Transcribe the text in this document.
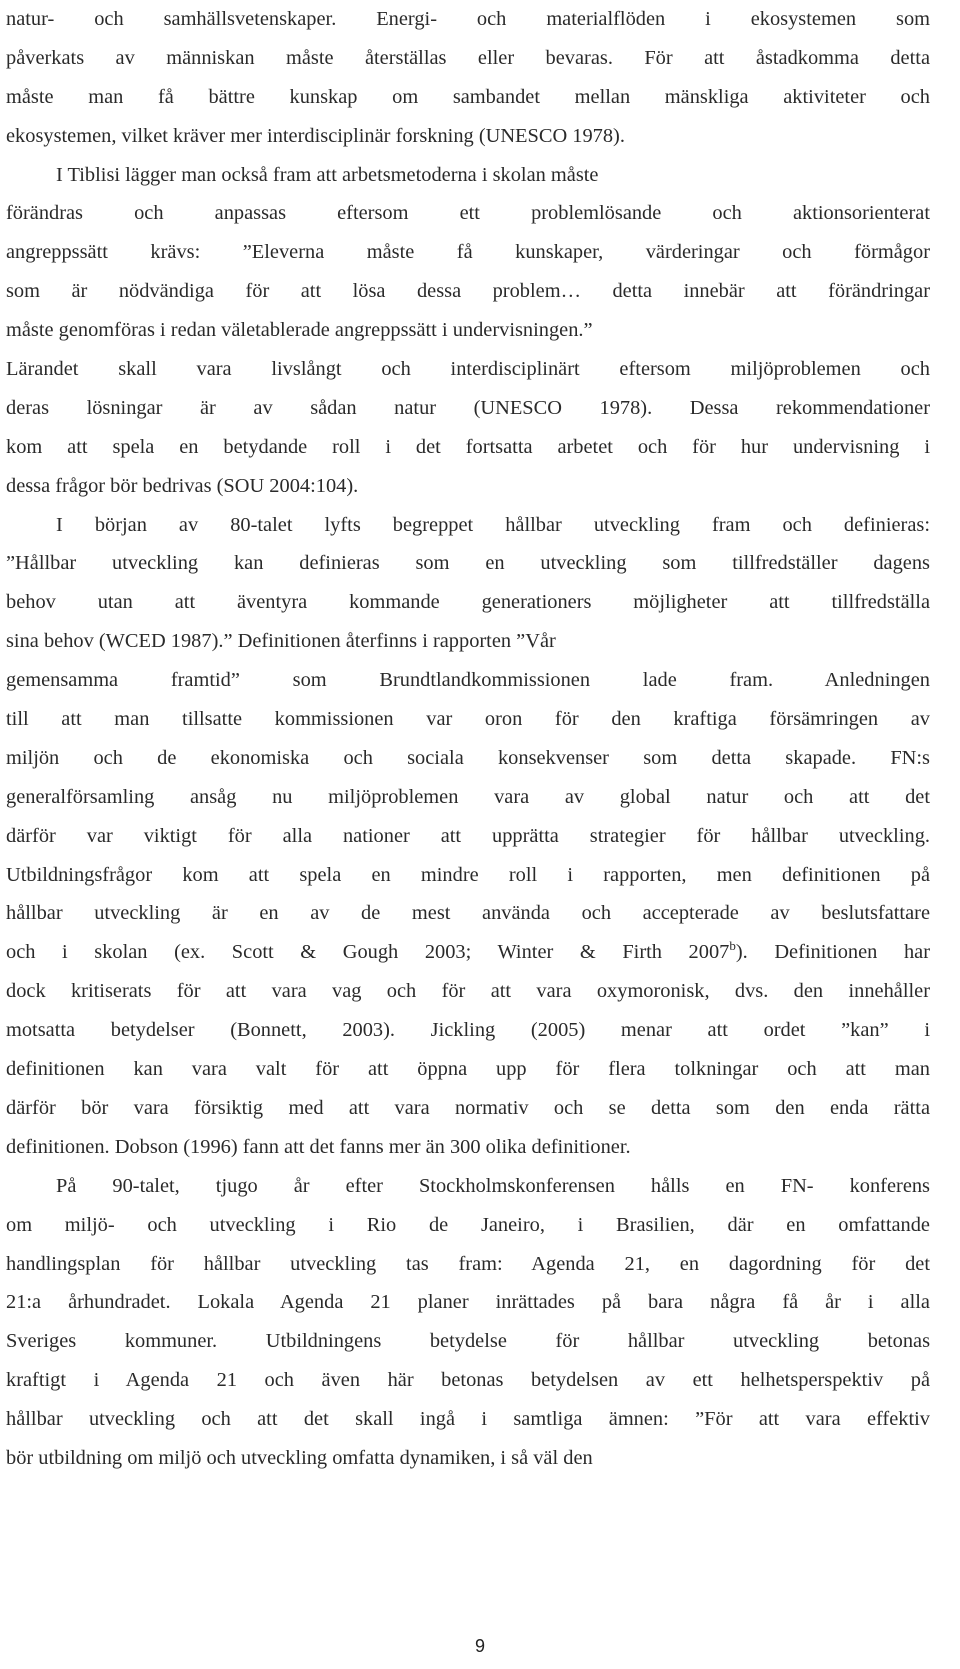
natur- och samhällsvetenskaper. Energi- och materialflöden i ekosystemen som
påverkats av människan måste återställas eller bevaras. För att åstadkomma detta
måste man få bättre kunskap om sambandet mellan mänskliga aktiviteter och
ekosystemen, vilket kräver mer interdisciplinär forskning (UNESCO 1978).
I Tiblisi lägger man också fram att arbetsmetoderna i skolan måste
förändras och anpassas eftersom ett problemlösande och aktionsorienterat
angreppssätt krävs: ”Eleverna måste få kunskaper, värderingar och förmågor
som är nödvändiga för att lösa dessa problem… detta innebär att förändringar
måste genomföras i redan väletablerade angreppssätt i undervisningen.”
Lärandet skall vara livslångt och interdisciplinärt eftersom miljöproblemen och
deras lösningar är av sådan natur (UNESCO 1978). Dessa rekommendationer
kom att spela en betydande roll i det fortsatta arbetet och för hur undervisning i
dessa frågor bör bedrivas (SOU 2004:104).
I början av 80-talet lyfts begreppet hållbar utveckling fram och definieras:
”Hållbar utveckling kan definieras som en utveckling som tillfredställer dagens
behov utan att äventyra kommande generationers möjligheter att tillfredställa
sina behov (WCED 1987).” Definitionen återfinns i rapporten ”Vår
gemensamma framtid” som Brundtlandkommissionen lade fram. Anledningen
till att man tillsatte kommissionen var oron för den kraftiga försämringen av
miljön och de ekonomiska och sociala konsekvenser som detta skapade. FN:s
generalförsamling ansåg nu miljöproblemen vara av global natur och att det
därför var viktigt för alla nationer att upprätta strategier för hållbar utveckling.
Utbildningsfrågor kom att spela en mindre roll i rapporten, men definitionen på
hållbar utveckling är en av de mest använda och accepterade av beslutsfattare
och i skolan (ex. Scott & Gough 2003; Winter & Firth 2007$^b$). Definitionen har
dock kritiserats för att vara vag och för att vara oxymoronisk, dvs. den innehåller
motsatta betydelser (Bonnett, 2003). Jickling (2005) menar att ordet ”kan” i
definitionen kan vara valt för att öppna upp för flera tolkningar och att man
därför bör vara försiktig med att vara normativ och se detta som den enda rätta
definitionen. Dobson (1996) fann att det fanns mer än 300 olika definitioner.
På 90-talet, tjugo år efter Stockholmskonferensen hålls en FN- konferens
om miljö- och utveckling i Rio de Janeiro, i Brasilien, där en omfattande
handlingsplan för hållbar utveckling tas fram: Agenda 21, en dagordning för det
21:a århundradet. Lokala Agenda 21 planer inrättades på bara några få år i alla
Sveriges kommuner. Utbildningens betydelse för hållbar utveckling betonas
kraftigt i Agenda 21 och även här betonas betydelsen av ett helhetsperspektiv på
hållbar utveckling och att det skall ingå i samtliga ämnen: ”För att vara effektiv
bör utbildning om miljö och utveckling omfatta dynamiken, i så väl den
9
